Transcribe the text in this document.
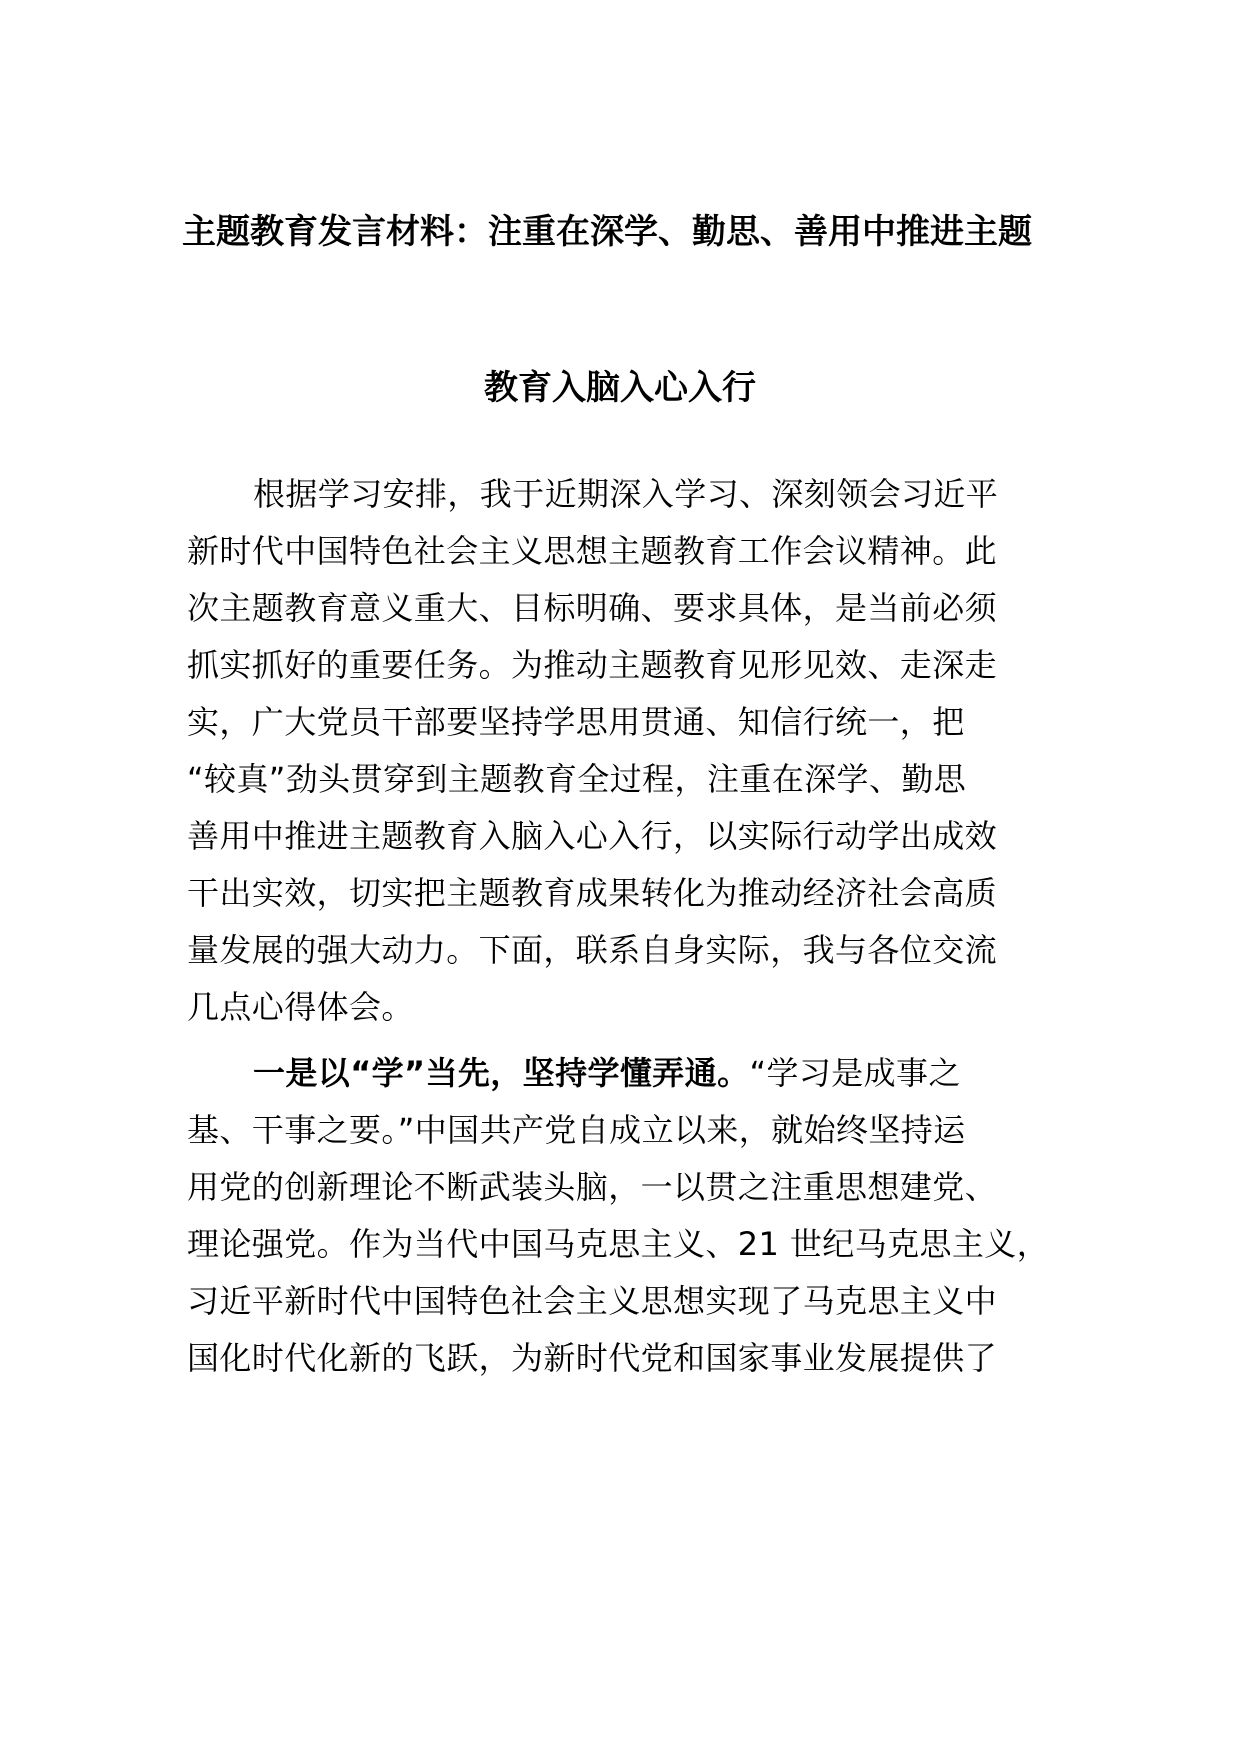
主题教育发言材料：注重在深学、勤思、善用中推进主题
教育入脑入心入行
根据学习安排，我于近期深入学习、深刻领会习近平
新时代中国特色社会主义思想主题教育工作会议精神。此
次主题教育意义重大、目标明确、要求具体，是当前必须
抓实抓好的重要任务。为推动主题教育见形见效、走深走
实，广大党员干部要坚持学思用贯通、知信行统一，把
“较真”劲头贯穿到主题教育全过程，注重在深学、勤思
善用中推进主题教育入脑入心入行，以实际行动学出成效
干出实效，切实把主题教育成果转化为推动经济社会高质
量发展的强大动力。下面，联系自身实际，我与各位交流
几点心得体会。
一是以“学”当先，坚持学懂弄通。“学习是成事之
基、干事之要。”中国共产党自成立以来，就始终坚持运
用党的创新理论不断武装头脑，一以贯之注重思想建党、
理论强党。作为当代中国马克思主义、21 世纪马克思主义，
习近平新时代中国特色社会主义思想实现了马克思主义中
国化时代化新的飞跃，为新时代党和国家事业发展提供了
